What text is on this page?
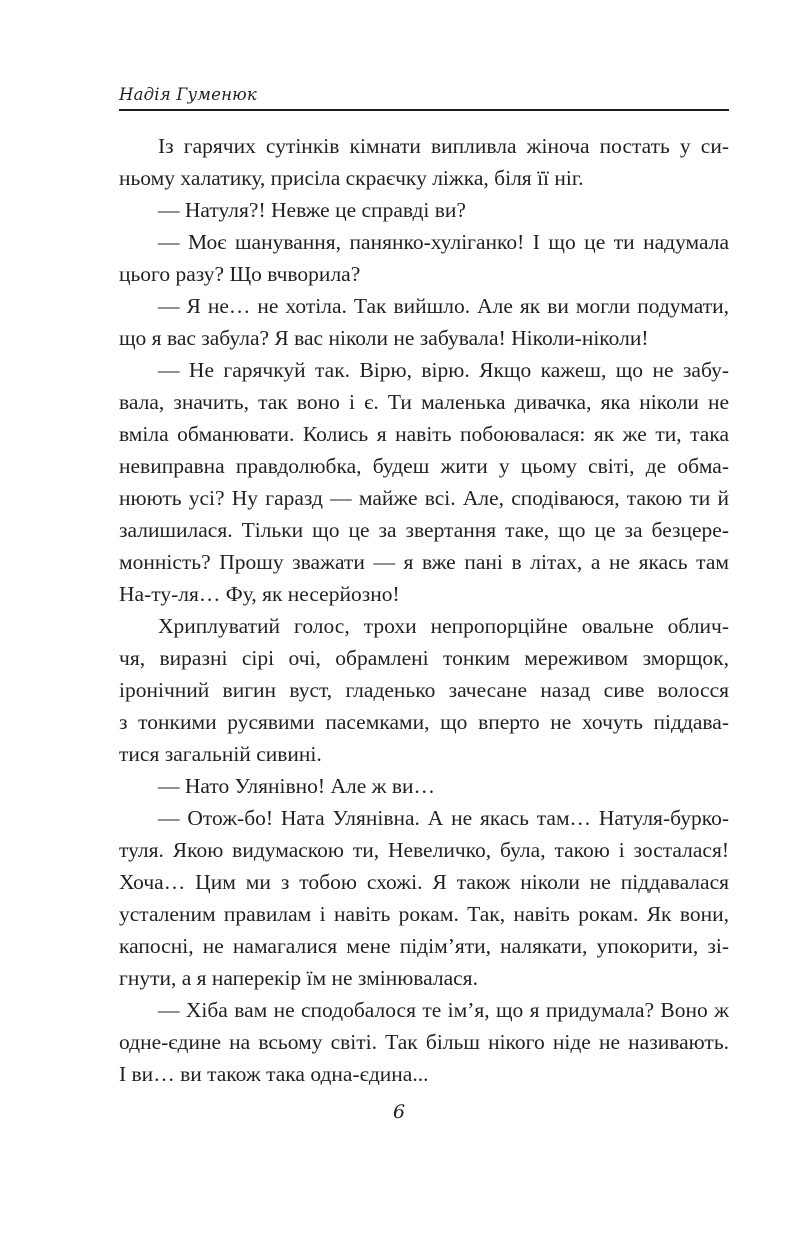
Надія Гуменюк
Із гарячих сутінків кімнати випливла жіноча постать у си-
ньому халатику, присіла скраєчку ліжка, біля її ніг.
— Натуля?! Невже це справді ви?
— Моє шанування, панянко-хуліганко! І що це ти надумала
цього разу? Що вчворила?
— Я не… не хотіла. Так вийшло. Але як ви могли подумати,
що я вас забула? Я вас ніколи не забувала! Ніколи-ніколи!
— Не гарячкуй так. Вірю, вірю. Якщо кажеш, що не забу-
вала, значить, так воно і є. Ти маленька дивачка, яка ніколи не
вміла обманювати. Колись я навіть побоювалася: як же ти, така
невиправна правдолюбка, будеш жити у цьому світі, де обма-
нюють усі? Ну гаразд — майже всі. Але, сподіваюся, такою ти й
залишилася. Тільки що це за звертання таке, що це за безцере-
монність? Прошу зважати — я вже пані в літах, а не якась там
На-ту-ля… Фу, як несерйозно!
Хриплуватий голос, трохи непропорційне овальне облич-
чя, виразні сірі очі, обрамлені тонким мереживом зморщок,
іронічний вигин вуст, гладенько зачесане назад сиве волосся
з тонкими русявими пасемками, що вперто не хочуть піддава-
тися загальній сивині.
— Нато Улянівно! Але ж ви…
— Отож-бо! Ната Улянівна. А не якась там… Натуля-бурко-
туля. Якою видумаскою ти, Невеличко, була, такою і зосталася!
Хоча… Цим ми з тобою схожі. Я також ніколи не піддавалася
усталеним правилам і навіть рокам. Так, навіть рокам. Як вони,
капосні, не намагалися мене підім’яти, налякати, упокорити, зі-
гнути, а я наперекір їм не змінювалася.
— Хіба вам не сподобалося те ім’я, що я придумала? Воно ж
одне-єдине на всьому світі. Так більш нікого ніде не називають.
І ви… ви також така одна-єдина...
6
